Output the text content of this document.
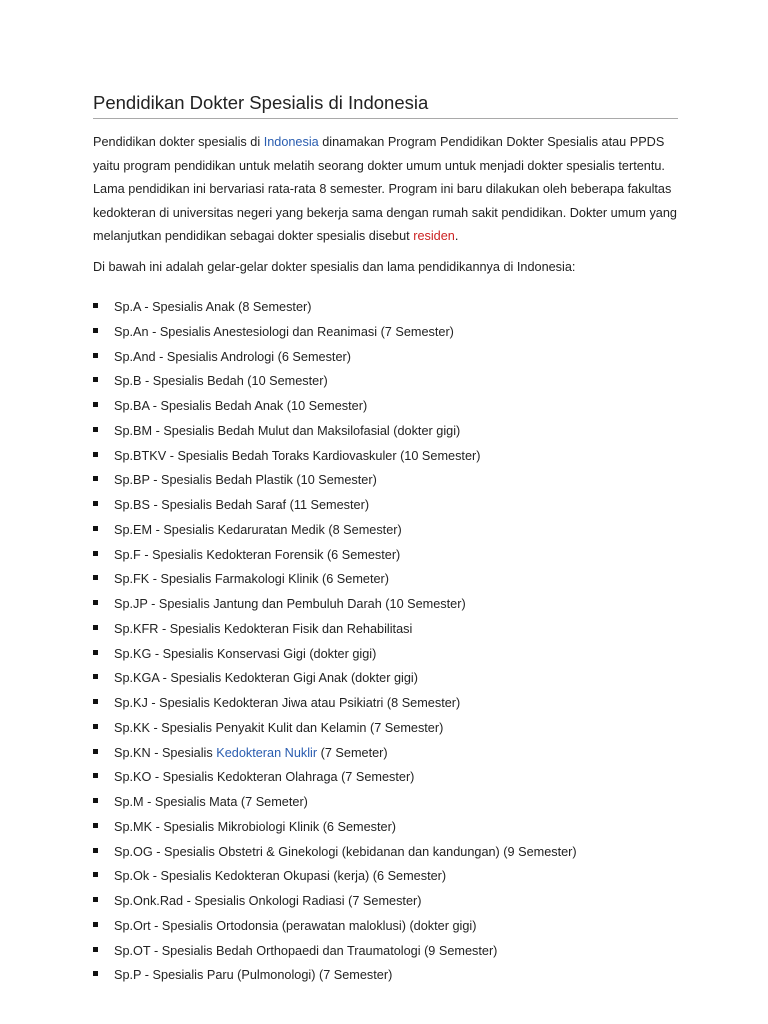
Pendidikan Dokter Spesialis di Indonesia

Pendidikan dokter spesialis di Indonesia dinamakan Program Pendidikan Dokter Spesialis atau PPDS yaitu program pendidikan untuk melatih seorang dokter umum untuk menjadi dokter spesialis tertentu. Lama pendidikan ini bervariasi rata-rata 8 semester. Program ini baru dilakukan oleh beberapa fakultas kedokteran di universitas negeri yang bekerja sama dengan rumah sakit pendidikan. Dokter umum yang melanjutkan pendidikan sebagai dokter spesialis disebut residen.

Di bawah ini adalah gelar-gelar dokter spesialis dan lama pendidikannya di Indonesia:

Sp.A - Spesialis Anak (8 Semester)
Sp.An - Spesialis Anestesiologi dan Reanimasi (7 Semester)
Sp.And - Spesialis Andrologi (6 Semester)
Sp.B - Spesialis Bedah (10 Semester)
Sp.BA - Spesialis Bedah Anak (10 Semester)
Sp.BM - Spesialis Bedah Mulut dan Maksilofasial (dokter gigi)
Sp.BTKV - Spesialis Bedah Toraks Kardiovaskuler (10 Semester)
Sp.BP - Spesialis Bedah Plastik (10 Semester)
Sp.BS - Spesialis Bedah Saraf (11 Semester)
Sp.EM - Spesialis Kedaruratan Medik (8 Semester)
Sp.F - Spesialis Kedokteran Forensik (6 Semester)
Sp.FK - Spesialis Farmakologi Klinik (6 Semeter)
Sp.JP - Spesialis Jantung dan Pembuluh Darah (10 Semester)
Sp.KFR - Spesialis Kedokteran Fisik dan Rehabilitasi
Sp.KG - Spesialis Konservasi Gigi (dokter gigi)
Sp.KGA - Spesialis Kedokteran Gigi Anak (dokter gigi)
Sp.KJ - Spesialis Kedokteran Jiwa atau Psikiatri (8 Semester)
Sp.KK - Spesialis Penyakit Kulit dan Kelamin (7 Semester)
Sp.KN - Spesialis Kedokteran Nuklir (7 Semeter)
Sp.KO - Spesialis Kedokteran Olahraga (7 Semester)
Sp.M - Spesialis Mata (7 Semeter)
Sp.MK - Spesialis Mikrobiologi Klinik (6 Semester)
Sp.OG - Spesialis Obstetri & Ginekologi (kebidanan dan kandungan) (9 Semester)
Sp.Ok - Spesialis Kedokteran Okupasi (kerja) (6 Semester)
Sp.Onk.Rad - Spesialis Onkologi Radiasi (7 Semester)
Sp.Ort - Spesialis Ortodonsia (perawatan maloklusi) (dokter gigi)
Sp.OT - Spesialis Bedah Orthopaedi dan Traumatologi (9 Semester)
Sp.P - Spesialis Paru (Pulmonologi) (7 Semester)
